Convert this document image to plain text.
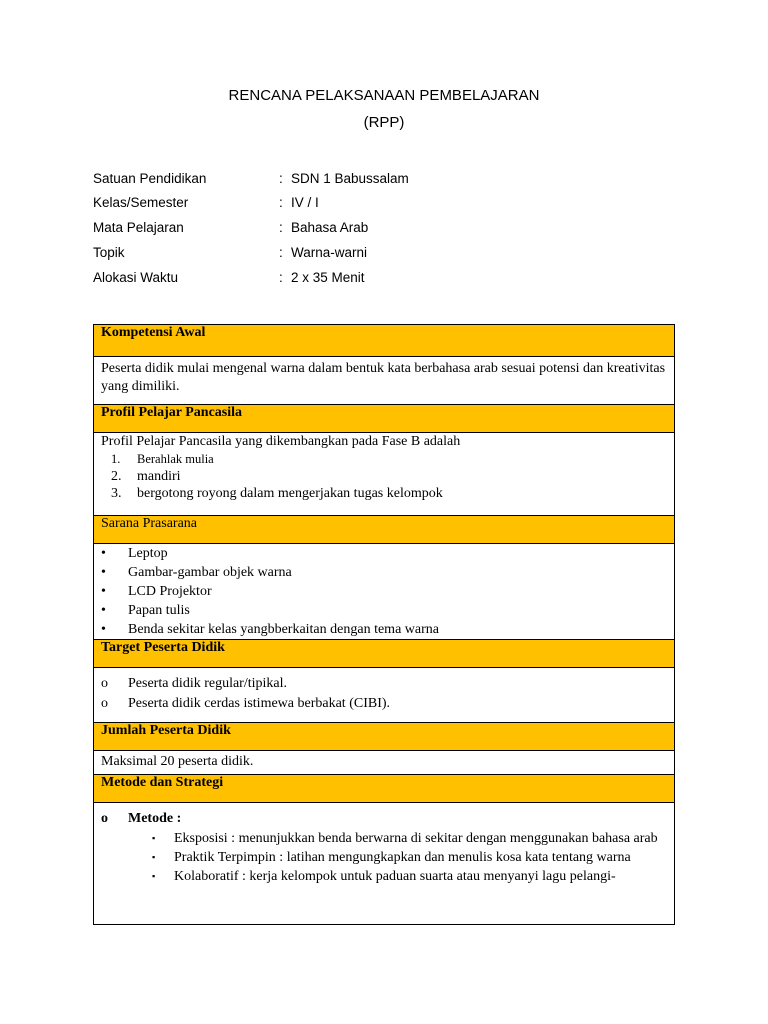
RENCANA PELAKSANAAN PEMBELAJARAN
(RPP)
Satuan Pendidikan	: SDN 1 Babussalam
Kelas/Semester	: IV / I
Mata Pelajaran	: Bahasa Arab
Topik	: Warna-warni
Alokasi Waktu	: 2 x 35 Menit
Kompetensi Awal

Peserta didik mulai mengenal warna dalam bentuk kata berbahasa arab sesuai potensi dan kreativitas yang dimiliki.

Profil Pelajar Pancasila

Profil Pelajar Pancasila yang dikembangkan pada Fase B adalah
1. Berahlak mulia
2. mandiri
3. bergotong royong dalam mengerjakan tugas kelompok

Sarana Prasarana

• Leptop
• Gambar-gambar objek warna
• LCD Projektor
• Papan tulis
• Benda sekitar kelas yangbberkaitan dengan tema warna

Target Peserta Didik

o Peserta didik regular/tipikal.
o Peserta didik cerdas istimewa berbakat (CIBI).

Jumlah Peserta Didik

Maksimal 20 peserta didik.

Metode dan Strategi

o Metode :
▪ Eksposisi : menunjukkan benda berwarna di sekitar dengan menggunakan bahasa arab
▪ Praktik Terpimpin : latihan mengungkapkan dan menulis kosa kata tentang warna
▪ Kolaboratif : kerja kelompok untuk paduan suarta atau menyanyi lagu pelangi-
